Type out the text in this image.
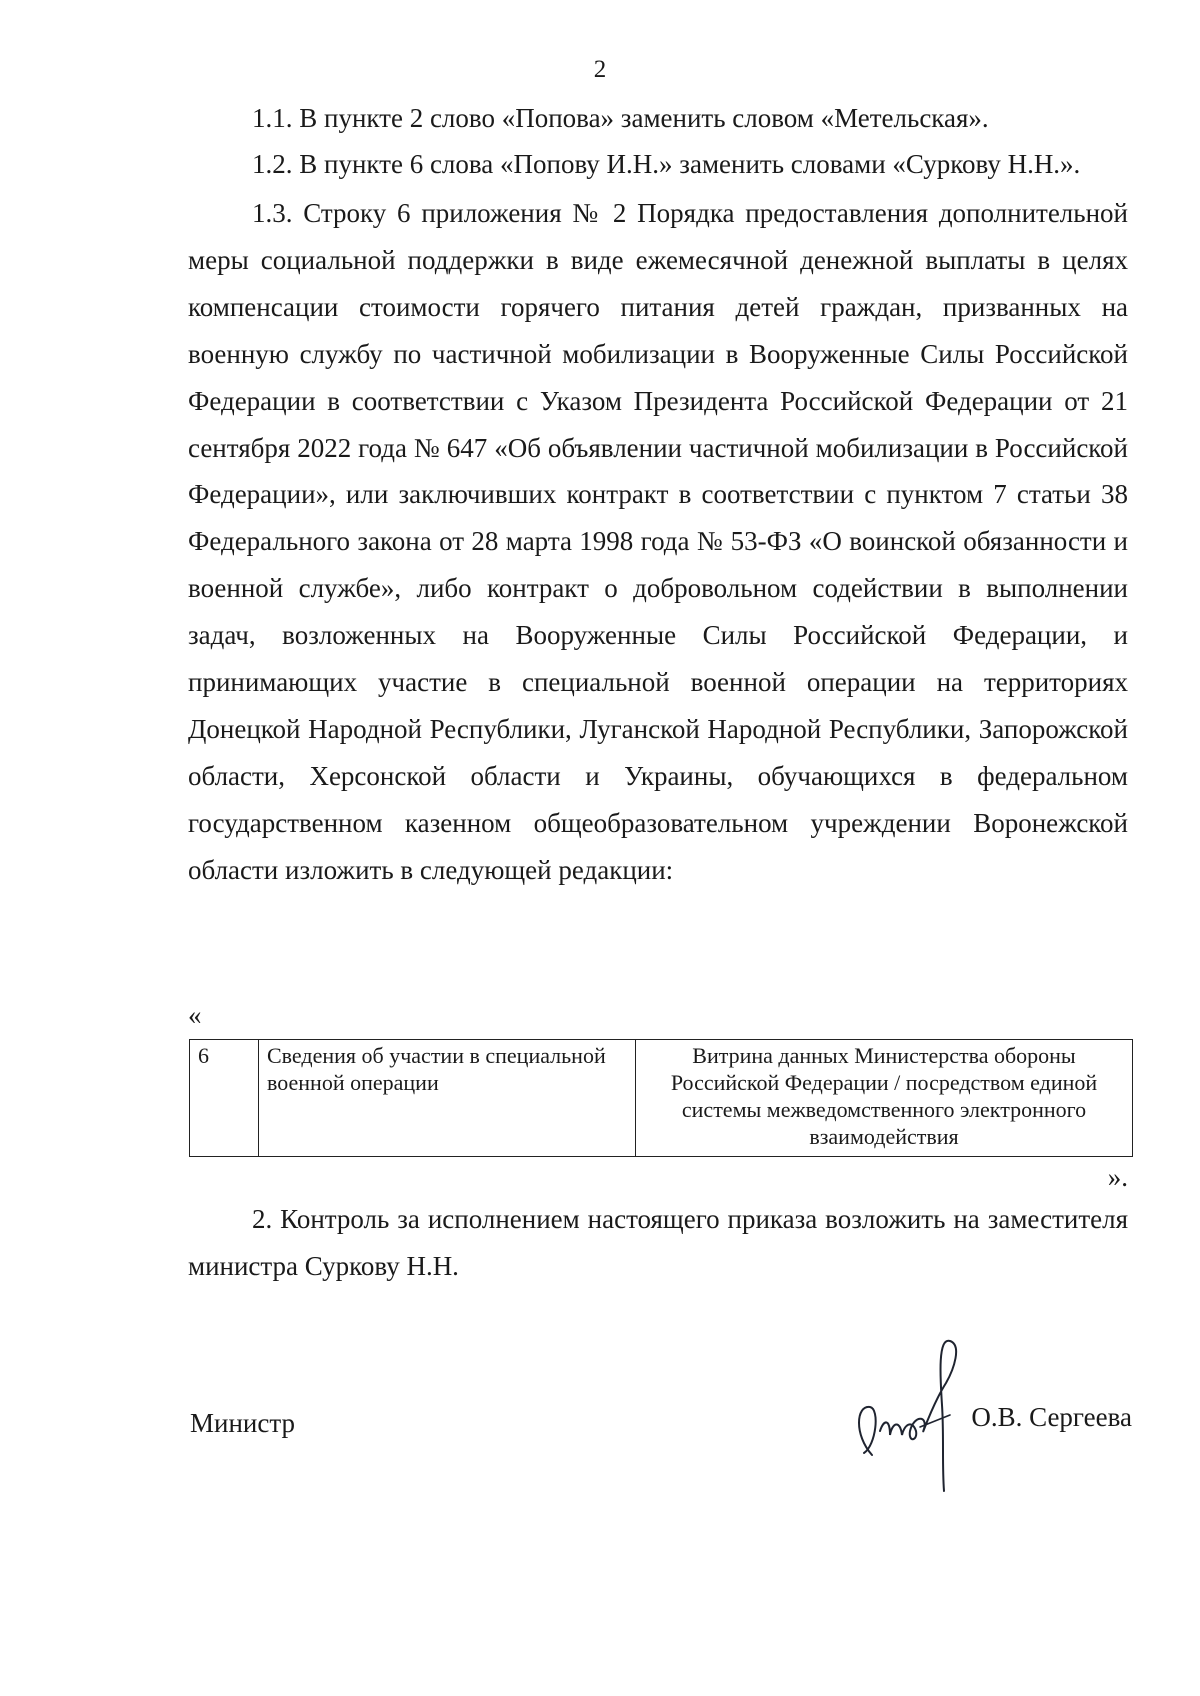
2

1.1. В пункте 2 слово «Попова» заменить словом «Метельская».

1.2. В пункте 6 слова «Попову И.Н.» заменить словами «Суркову Н.Н.».

1.3. Строку 6 приложения № 2 Порядка предоставления дополнительной меры социальной поддержки в виде ежемесячной денежной выплаты в целях компенсации стоимости горячего питания детей граждан, призванных на военную службу по частичной мобилизации в Вооруженные Силы Российской Федерации в соответствии с Указом Президента Российской Федерации от 21 сентября 2022 года № 647 «Об объявлении частичной мобилизации в Российской Федерации», или заключивших контракт в соответствии с пунктом 7 статьи 38 Федерального закона от 28 марта 1998 года № 53-ФЗ «О воинской обязанности и военной службе», либо контракт о добровольном содействии в выполнении задач, возложенных на Вооруженные Силы Российской Федерации, и принимающих участие в специальной военной операции на территориях Донецкой Народной Республики, Луганской Народной Республики, Запорожской области, Херсонской области и Украины, обучающихся в федеральном государственном казенном общеобразовательном учреждении Воронежской области изложить в следующей редакции:

«
6	Сведения об участии в специальной военной операции	Витрина данных Министерства обороны Российской Федерации / посредством единой системы межведомственного электронного взаимодействия
».

2. Контроль за исполнением настоящего приказа возложить на заместителя министра Суркову Н.Н.

Министр	О.В. Сергеева
